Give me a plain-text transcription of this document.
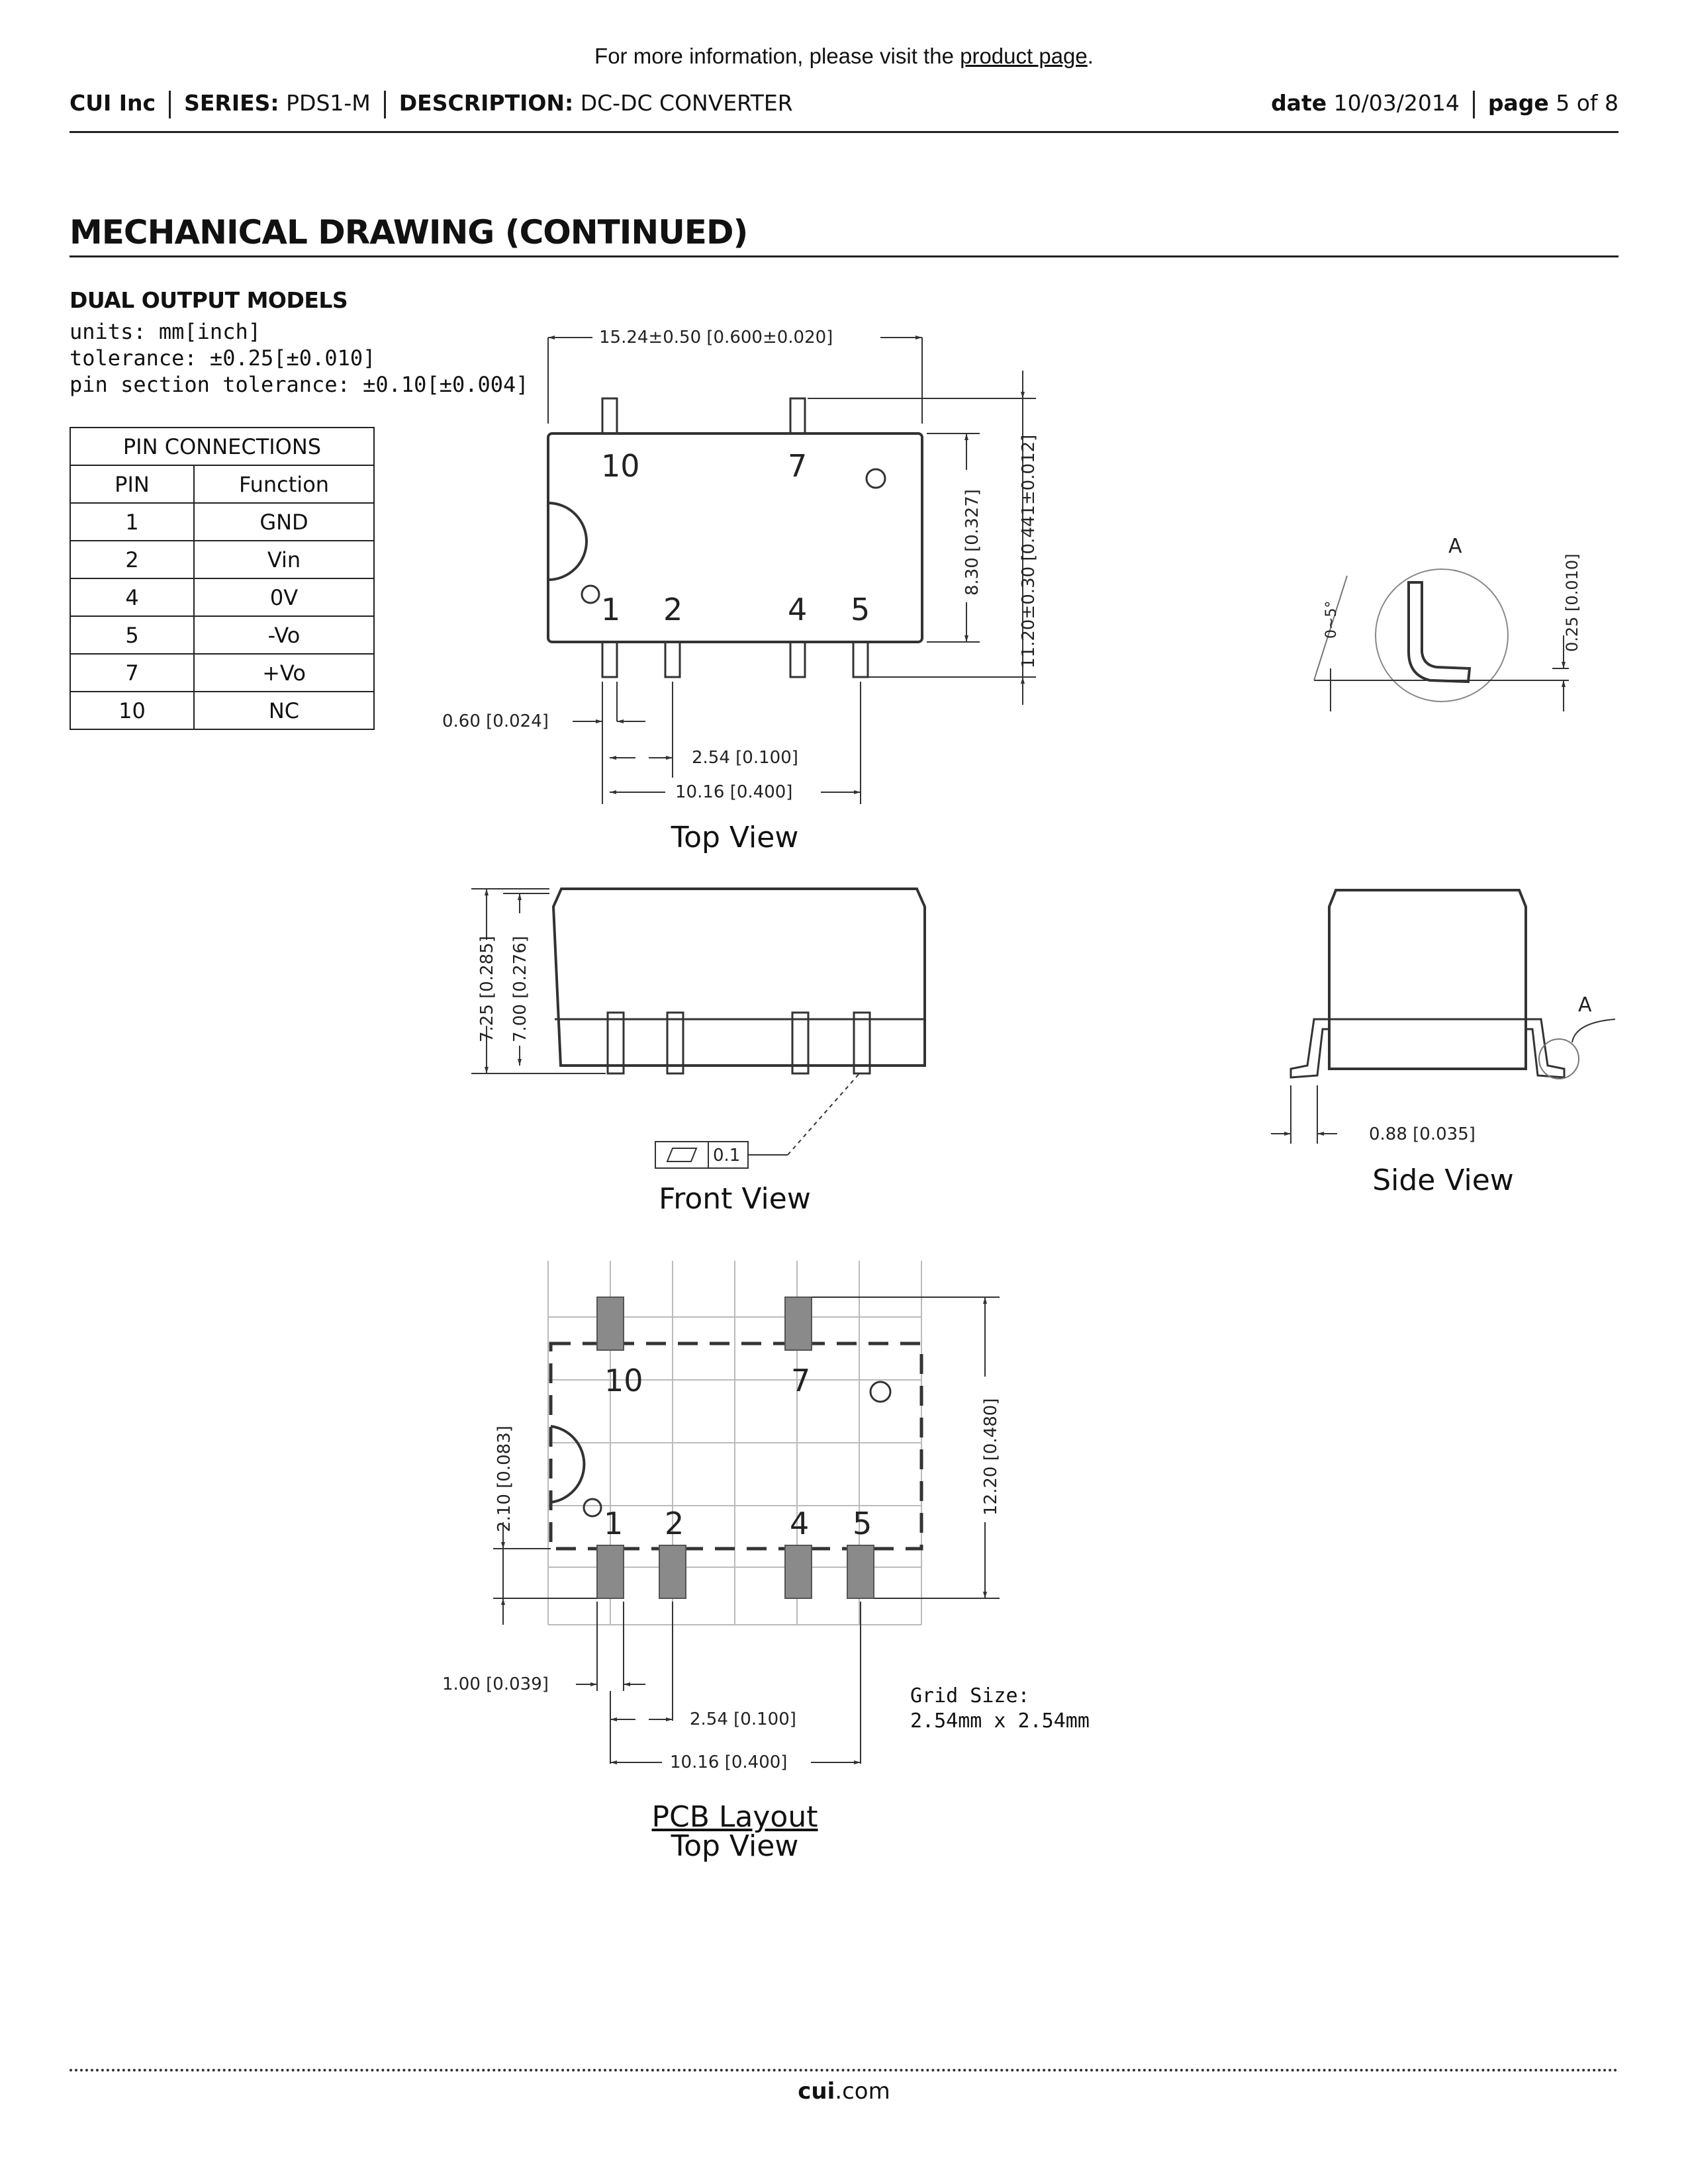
For more information, please visit the product page.
CUI Inc SERIES: PDS1-M DESCRIPTION: DC-DC CONVERTER	date 10/03/2014 page 5 of 8
MECHANICAL DRAWING (CONTINUED)
DUAL OUTPUT MODELS
units: mm[inch]
tolerance: ±0.25[±0.010]
pin section tolerance: ±0.10[±0.004]
PIN CONNECTIONS	
PIN	Function
1	GND
2	Vin
4	0V
5	-Vo
7	+Vo
10	NC
10	7
1 2	4 5
15.24±0.50 [0.600±0.020]
8.30 [0.327] 11.20±0.30 [0.441±0.012]
0.60 [0.024]
2.54 [0.100]
10.16 [0.400]
A
0~5°	0.25 [0.010]
7.25 [0.285] 7.00 [0.276]
0.1
A
0.88 [0.035]
10	7
1 2	4 5
2.10 [0.083]	12.20 [0.480]
1.00 [0.039]
2.54 [0.100]
10.16 [0.400]
Top View
Front View
Side View
PCB Layout
Top View
Grid Size:
2.54mm x 2.54mm
cui.com
